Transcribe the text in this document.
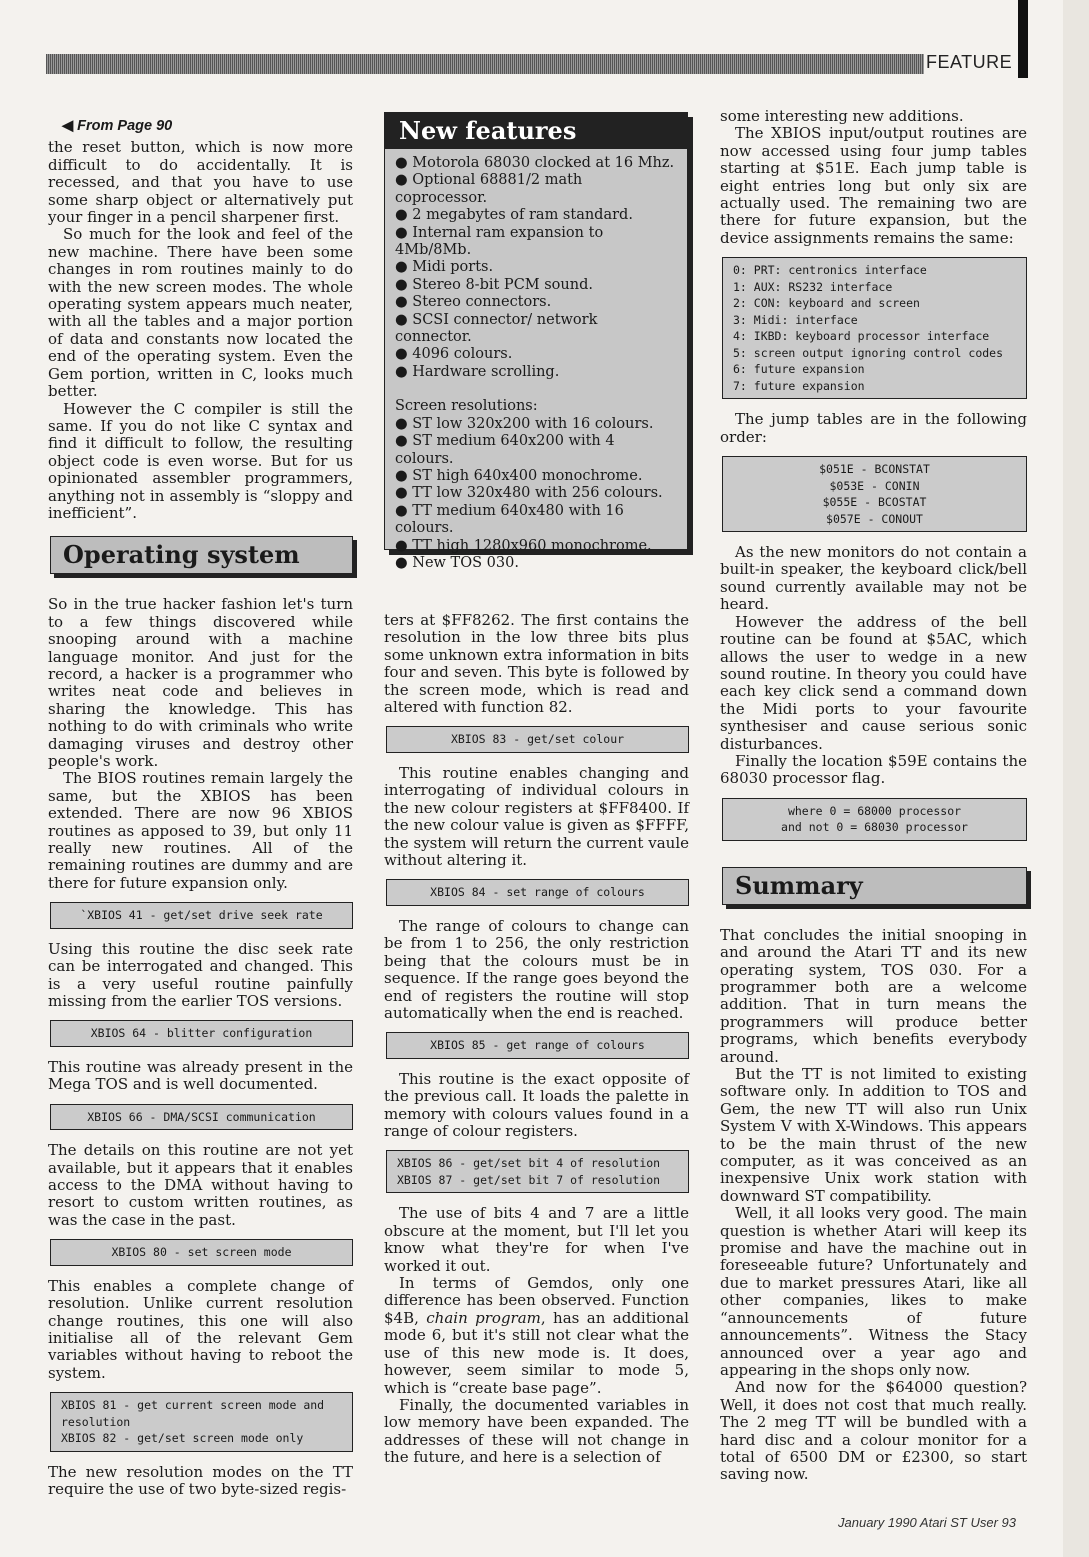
FEATURE
◀ From Page 90

the reset button, which is now more difficult to do accidentally. It is recessed, and that you have to use some sharp object or alternatively put your finger in a pencil sharpener first.

So much for the look and feel of the new machine. There have been some changes in rom routines mainly to do with the new screen modes. The whole operating system appears much neater, with all the tables and a major portion of data and constants now located the end of the operating system. Even the Gem portion, written in C, looks much better.

However the C compiler is still the same. If you do not like C syntax and find it difficult to follow, the resulting object code is even worse. But for us opinionated assembler programmers, anything not in assembly is “sloppy and inefficient”.

Operating system

So in the true hacker fashion let's turn to a few things discovered while snooping around with a machine language monitor. And just for the record, a hacker is a programmer who writes neat code and believes in sharing the knowledge. This has nothing to do with criminals who write damaging viruses and destroy other people's work.

The BIOS routines remain largely the same, but the XBIOS has been extended. There are now 96 XBIOS routines as apposed to 39, but only 11 really new routines. All of the remaining routines are dummy and are there for future expansion only.

`XBIOS 41 - get/set drive seek rate

Using this routine the disc seek rate can be interrogated and changed. This is a very useful routine painfully missing from the earlier TOS versions.

XBIOS 64 - blitter configuration

This routine was already present in the Mega TOS and is well documented.

XBIOS 66 - DMA/SCSI communication

The details on this routine are not yet available, but it appears that it enables access to the DMA without having to resort to custom written routines, as was the case in the past.

XBIOS 80 - set screen mode

This enables a complete change of resolution. Unlike current resolution change routines, this one will also initialise all of the relevant Gem variables without having to reboot the system.

XBIOS 81 - get current screen mode and
resolution
XBIOS 82 - get/set screen mode only

The new resolution modes on the TT require the use of two byte-sized regis-

New features
● Motorola 68030 clocked at 16 Mhz.
● Optional 68881/2 math coprocessor.
● 2 megabytes of ram standard.
● Internal ram expansion to 4Mb/8Mb.
● Midi ports.
● Stereo 8-bit PCM sound.
● Stereo connectors.
● SCSI connector/ network connector.
● 4096 colours.
● Hardware scrolling.
Screen resolutions:
● ST low 320x200 with 16 colours.
● ST medium 640x200 with 4 colours.
● ST high 640x400 monochrome.
● TT low 320x480 with 256 colours.
● TT medium 640x480 with 16 colours.
● TT high 1280x960 monochrome.
● New TOS 030.

ters at $FF8262. The first contains the resolution in the low three bits plus some unknown extra information in bits four and seven. This byte is followed by the screen mode, which is read and altered with function 82.

XBIOS 83 - get/set colour

This routine enables changing and interrogating of individual colours in the new colour registers at $FF8400. If the new colour value is given as $FFFF, the system will return the current vaule without altering it.

XBIOS 84 - set range of colours

The range of colours to change can be from 1 to 256, the only restriction being that the colours must be in sequence. If the range goes beyond the end of registers the routine will stop automatically when the end is reached.

XBIOS 85 - get range of colours

This routine is the exact opposite of the previous call. It loads the palette in memory with colours values found in a range of colour registers.

XBIOS 86 - get/set bit 4 of resolution
XBIOS 87 - get/set bit 7 of resolution

The use of bits 4 and 7 are a little obscure at the moment, but I'll let you know what they're for when I've worked it out.

In terms of Gemdos, only one difference has been observed. Function $4B, chain program, has an additional mode 6, but it's still not clear what the use of this new mode is. It does, however, seem similar to mode 5, which is “create base page”.

Finally, the documented variables in low memory have been expanded. The addresses of these will not change in the future, and here is a selection of

some interesting new additions.

The XBIOS input/output routines are now accessed using four jump tables starting at $51E. Each jump table is eight entries long but only six are actually used. The remaining two are there for future expansion, but the device assignments remains the same:

0: PRT: centronics interface
1: AUX: RS232 interface
2: CON: keyboard and screen
3: Midi: interface
4: IKBD: keyboard processor interface
5: screen output ignoring control codes
6: future expansion
7: future expansion

The jump tables are in the following order:

$051E - BCONSTAT
$053E - CONIN
$055E - BCOSTAT
$057E - CONOUT

As the new monitors do not contain a built-in speaker, the keyboard click/bell sound currently available may not be heard.

However the address of the bell routine can be found at $5AC, which allows the user to wedge in a new sound routine. In theory you could have each key click send a command down the Midi ports to your favourite synthesiser and cause serious sonic disturbances.

Finally the location $59E contains the 68030 processor flag.

where 0 = 68000 processor
and not 0 = 68030 processor
Summary

That concludes the initial snooping in and around the Atari TT and its new operating system, TOS 030. For a programmer both are a welcome addition. That in turn means the programmers will produce better programs, which benefits everybody around.

But the TT is not limited to existing software only. In addition to TOS and Gem, the new TT will also run Unix System V with X-Windows. This appears to be the main thrust of the new computer, as it was conceived as an inexpensive Unix work station with downward ST compatibility.

Well, it all looks very good. The main question is whether Atari will keep its promise and have the machine out in foreseeable future? Unfortunately and due to market pressures Atari, like all other companies, likes to make “announcements of future announcements”. Witness the Stacy announced over a year ago and appearing in the shops only now.

And now for the $64000 question? Well, it does not cost that much really. The 2 meg TT will be bundled with a hard disc and a colour monitor for a total of 6500 DM or £2300, so start saving now.

January 1990 Atari ST User 93
